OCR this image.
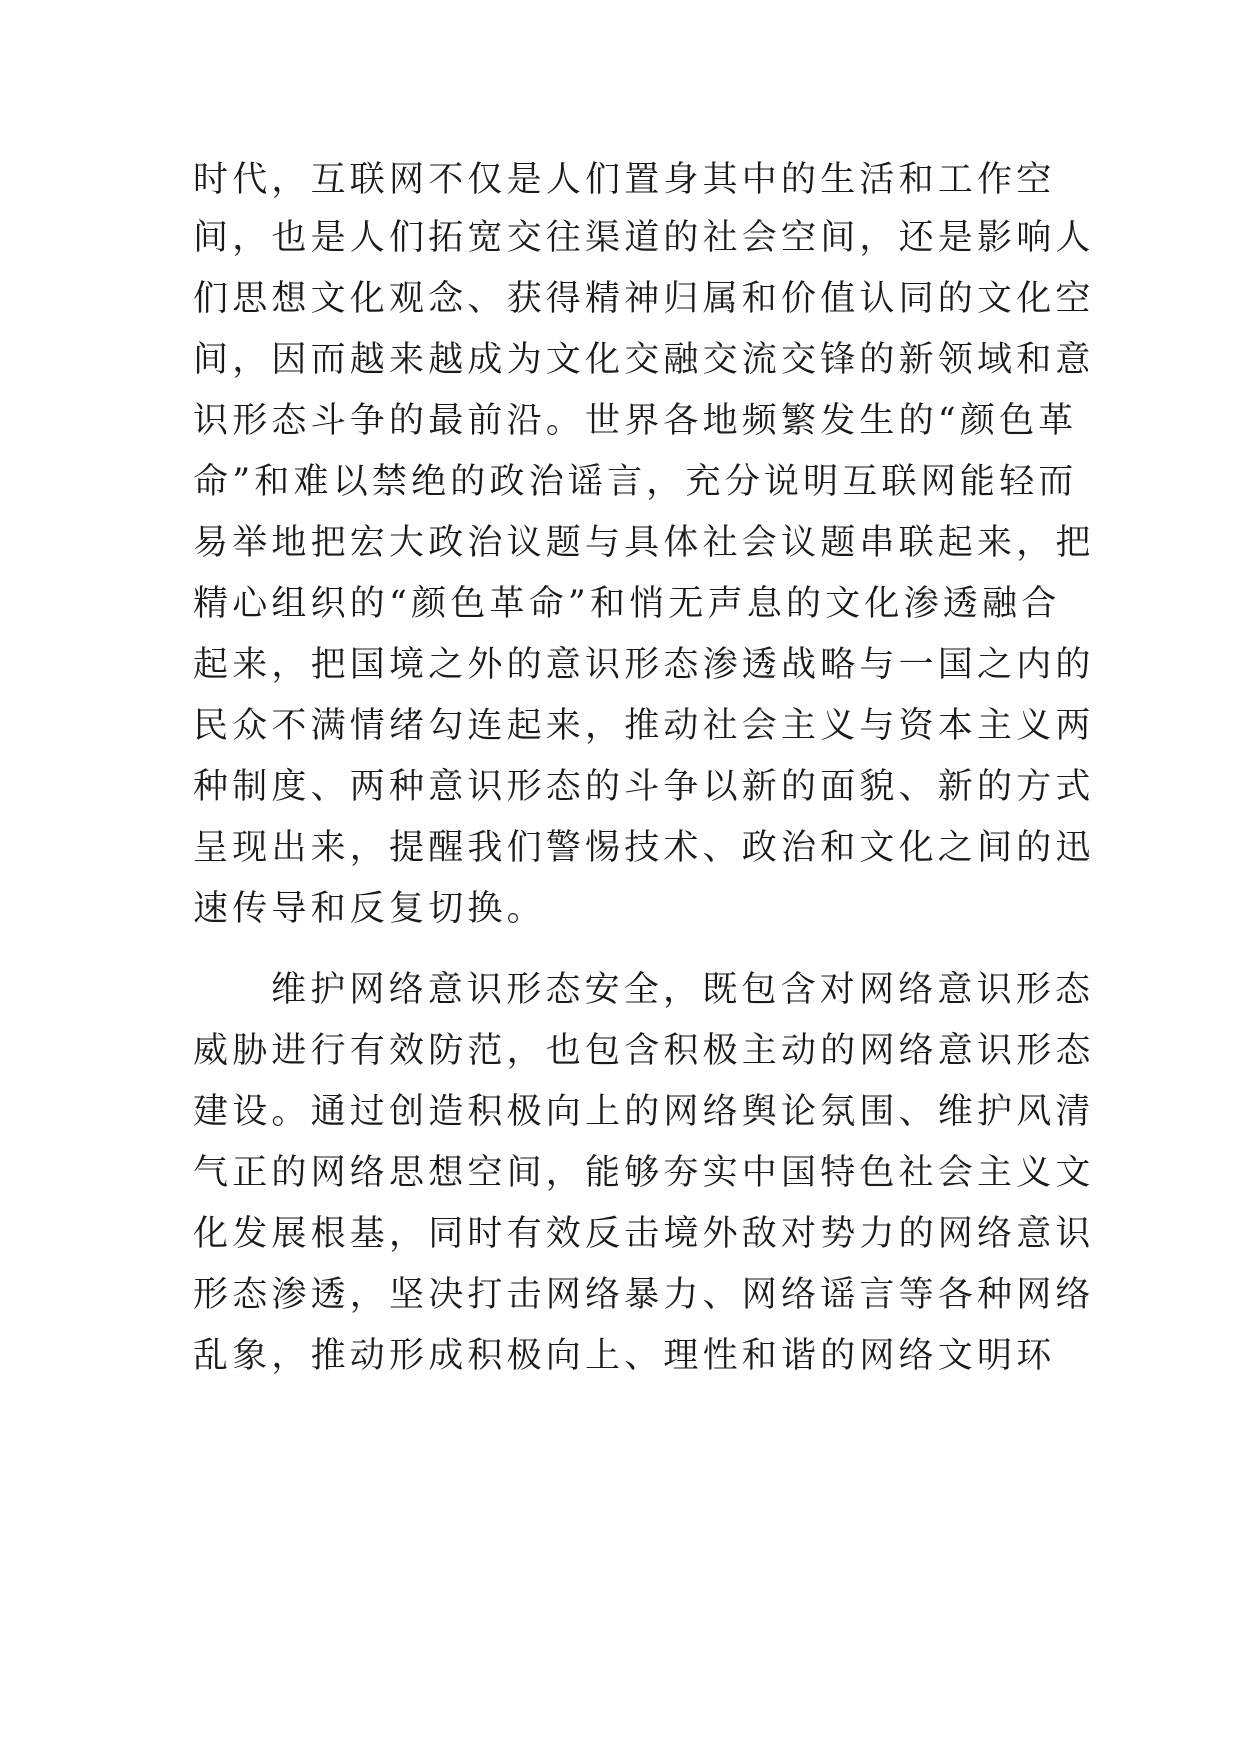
时代，互联网不仅是人们置身其中的生活和工作空
间，也是人们拓宽交往渠道的社会空间，还是影响人
们思想文化观念、获得精神归属和价值认同的文化空
间，因而越来越成为文化交融交流交锋的新领域和意
识形态斗争的最前沿。世界各地频繁发生的“颜色革
命”和难以禁绝的政治谣言，充分说明互联网能轻而
易举地把宏大政治议题与具体社会议题串联起来，把
精心组织的“颜色革命”和悄无声息的文化渗透融合
起来，把国境之外的意识形态渗透战略与一国之内的
民众不满情绪勾连起来，推动社会主义与资本主义两
种制度、两种意识形态的斗争以新的面貌、新的方式
呈现出来，提醒我们警惕技术、政治和文化之间的迅
速传导和反复切换。

维护网络意识形态安全，既包含对网络意识形态
威胁进行有效防范，也包含积极主动的网络意识形态
建设。通过创造积极向上的网络舆论氛围、维护风清
气正的网络思想空间，能够夯实中国特色社会主义文
化发展根基，同时有效反击境外敌对势力的网络意识
形态渗透，坚决打击网络暴力、网络谣言等各种网络
乱象，推动形成积极向上、理性和谐的网络文明环
